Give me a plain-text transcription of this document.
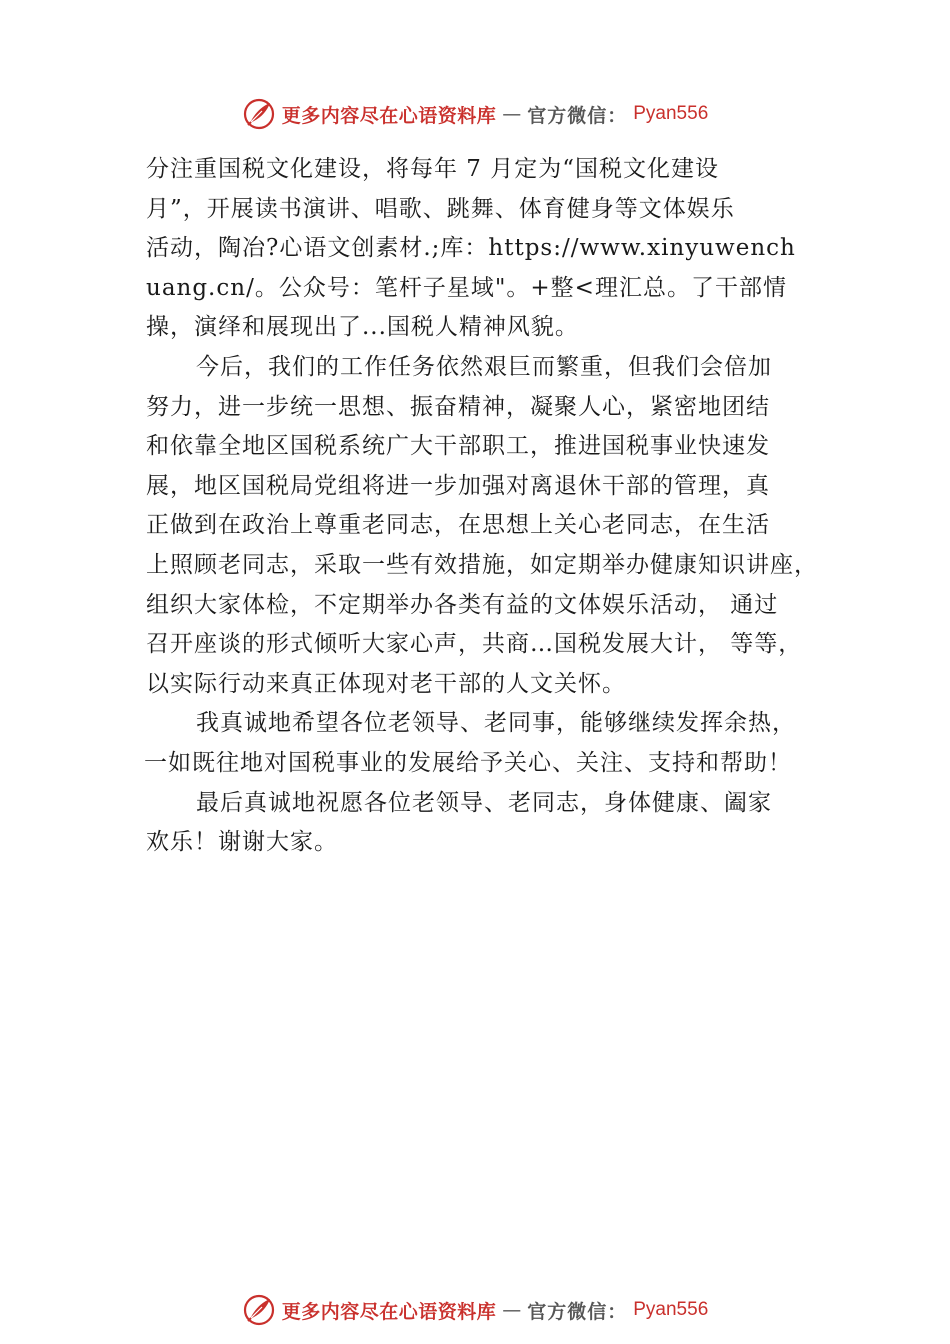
更多内容尽在心语资料库 — 官方微信： Pyan556
分注重国税文化建设，将每年 7 月定为“国税文化建设
月”，开展读书演讲、唱歌、跳舞、体育健身等文体娱乐
活动，陶冶?心语文创素材.;库：https://www.xinyuwench
uang.cn/。公众号：笔杆子星域"。+整<理汇总。了干部情
操，演绎和展现出了...国税人精神风貌。
今后，我们的工作任务依然艰巨而繁重，但我们会倍加
努力，进一步统一思想、振奋精神，凝聚人心，紧密地团结
和依靠全地区国税系统广大干部职工，推进国税事业快速发
展，地区国税局党组将进一步加强对离退休干部的管理，真
正做到在政治上尊重老同志，在思想上关心老同志，在生活
上照顾老同志，采取一些有效措施，如定期举办健康知识讲座，
组织大家体检，不定期举办各类有益的文体娱乐活动， 通过
召开座谈的形式倾听大家心声，共商…国税发展大计， 等等，
以实际行动来真正体现对老干部的人文关怀。
我真诚地希望各位老领导、老同事，能够继续发挥余热，
一如既往地对国税事业的发展给予关心、关注、支持和帮助！
最后真诚地祝愿各位老领导、老同志，身体健康、阖家
欢乐！谢谢大家。
更多内容尽在心语资料库 — 官方微信： Pyan556
